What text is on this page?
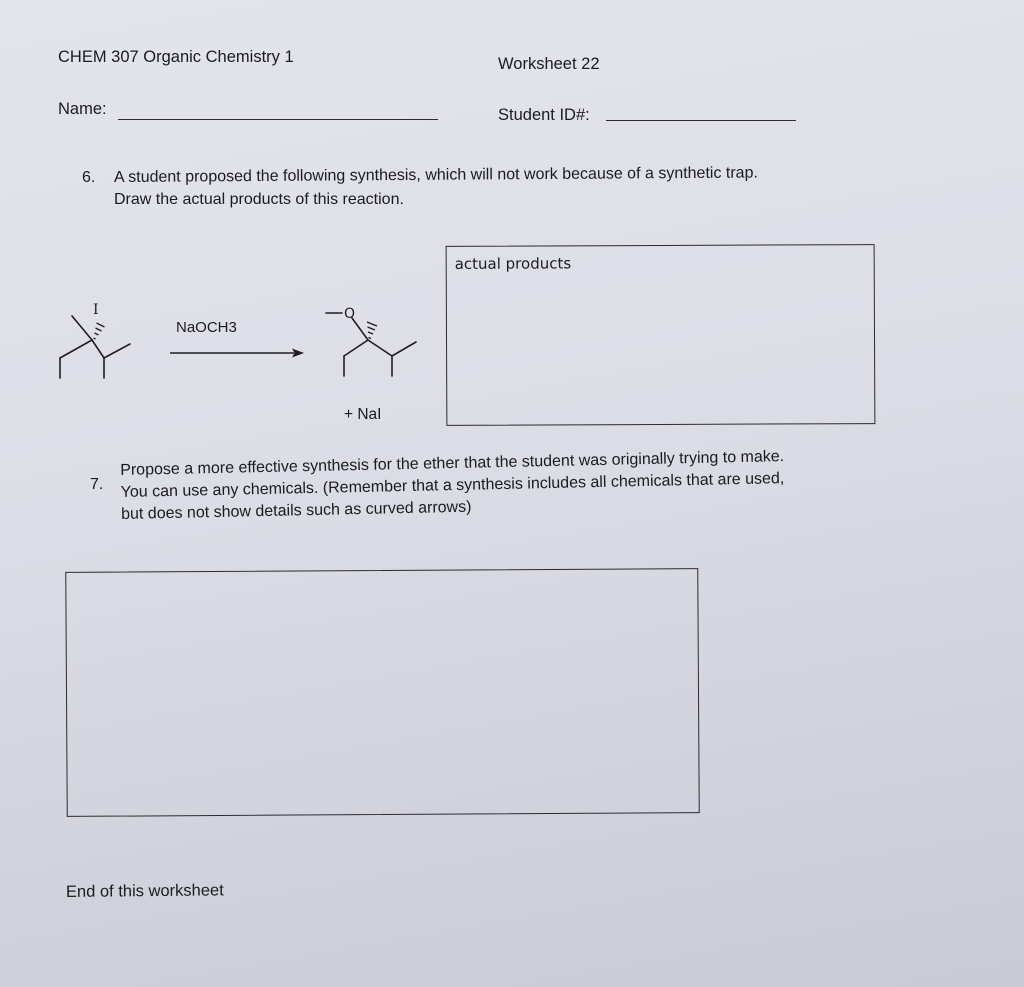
CHEM 307 Organic Chemistry 1	Worksheet 22
Name:	Student ID#:
6. A student proposed the following synthesis, which will not work because of a synthetic trap.
Draw the actual products of this reaction.
I
NaOCH3
O
+ NaI
actual products
7.
Propose a more effective synthesis for the ether that the student was originally trying to make.
You can use any chemicals. (Remember that a synthesis includes all chemicals that are used,
but does not show details such as curved arrows)
End of this worksheet
